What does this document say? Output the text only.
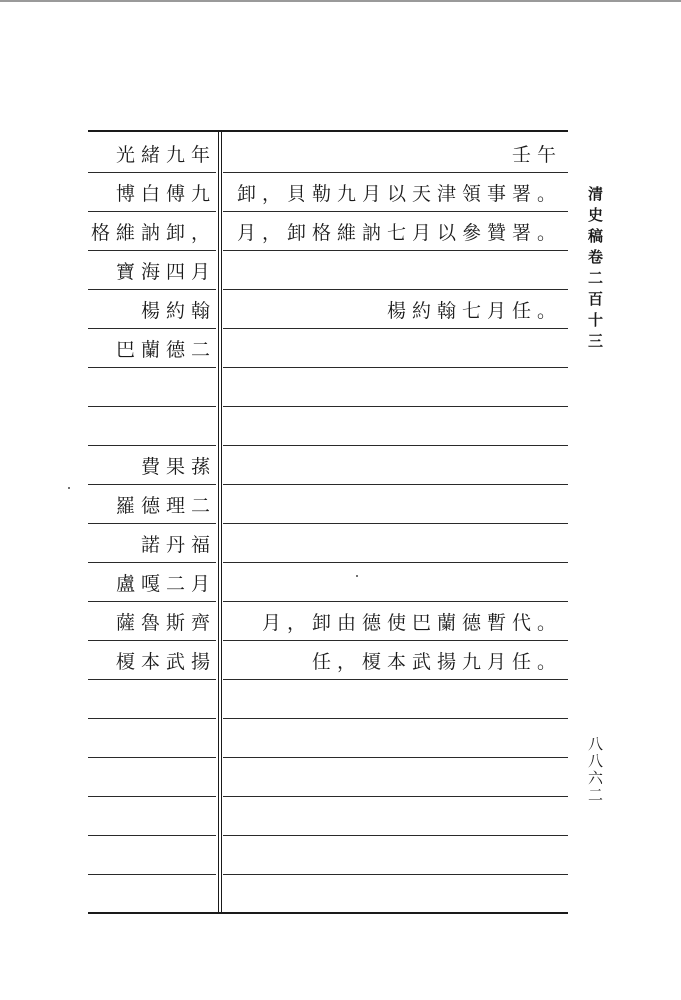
清史稿卷二百十三
八八六二
光緒九年	壬午
博白傅九	卸，貝勒九月以天津領事署。
格維訥卸，	月，卸格維訥七月以參贊署。
寶海四月
楊約翰	楊約翰七月任。
巴蘭德二
費果蓀
羅德理二
諾丹福
盧嘎二月
薩魯斯齊	月，卸由德使巴蘭德暫代。
榎本武揚	任，榎本武揚九月任。
